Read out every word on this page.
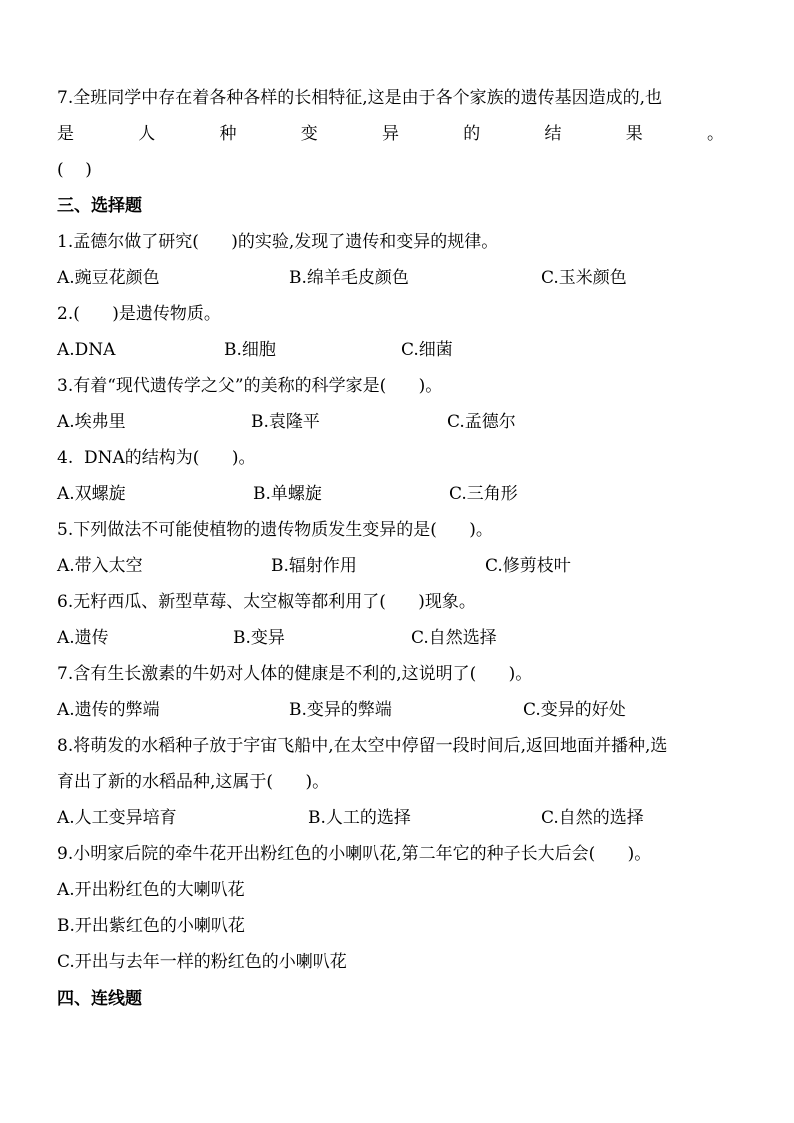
7.全班同学中存在着各种各样的长相特征,这是由于各个家族的遗传基因造成的,也
是	人	种	变	异	的	结	果	。
(    )
三、选择题
1.孟德尔做了研究(      )的实验,发现了遗传和变异的规律。
A.豌豆花颜色	B.绵羊毛皮颜色	C.玉米颜色
2.(      )是遗传物质。
A.DNA	B.细胞	C.细菌
3.有着“现代遗传学之父”的美称的科学家是(      )。
A.埃弗里	B.袁隆平	C.孟德尔
4.  DNA的结构为(      )。
A.双螺旋	B.单螺旋	C.三角形
5.下列做法不可能使植物的遗传物质发生变异的是(      )。
A.带入太空	B.辐射作用	C.修剪枝叶
6.无籽西瓜、新型草莓、太空椒等都利用了(      )现象。
A.遗传	B.变异	C.自然选择
7.含有生长激素的牛奶对人体的健康是不利的,这说明了(      )。
A.遗传的弊端	B.变异的弊端	C.变异的好处
8.将萌发的水稻种子放于宇宙飞船中,在太空中停留一段时间后,返回地面并播种,选
育出了新的水稻品种,这属于(      )。
A.人工变异培育	B.人工的选择	C.自然的选择
9.小明家后院的牵牛花开出粉红色的小喇叭花,第二年它的种子长大后会(      )。
A.开出粉红色的大喇叭花
B.开出紫红色的小喇叭花
C.开出与去年一样的粉红色的小喇叭花
四、连线题
